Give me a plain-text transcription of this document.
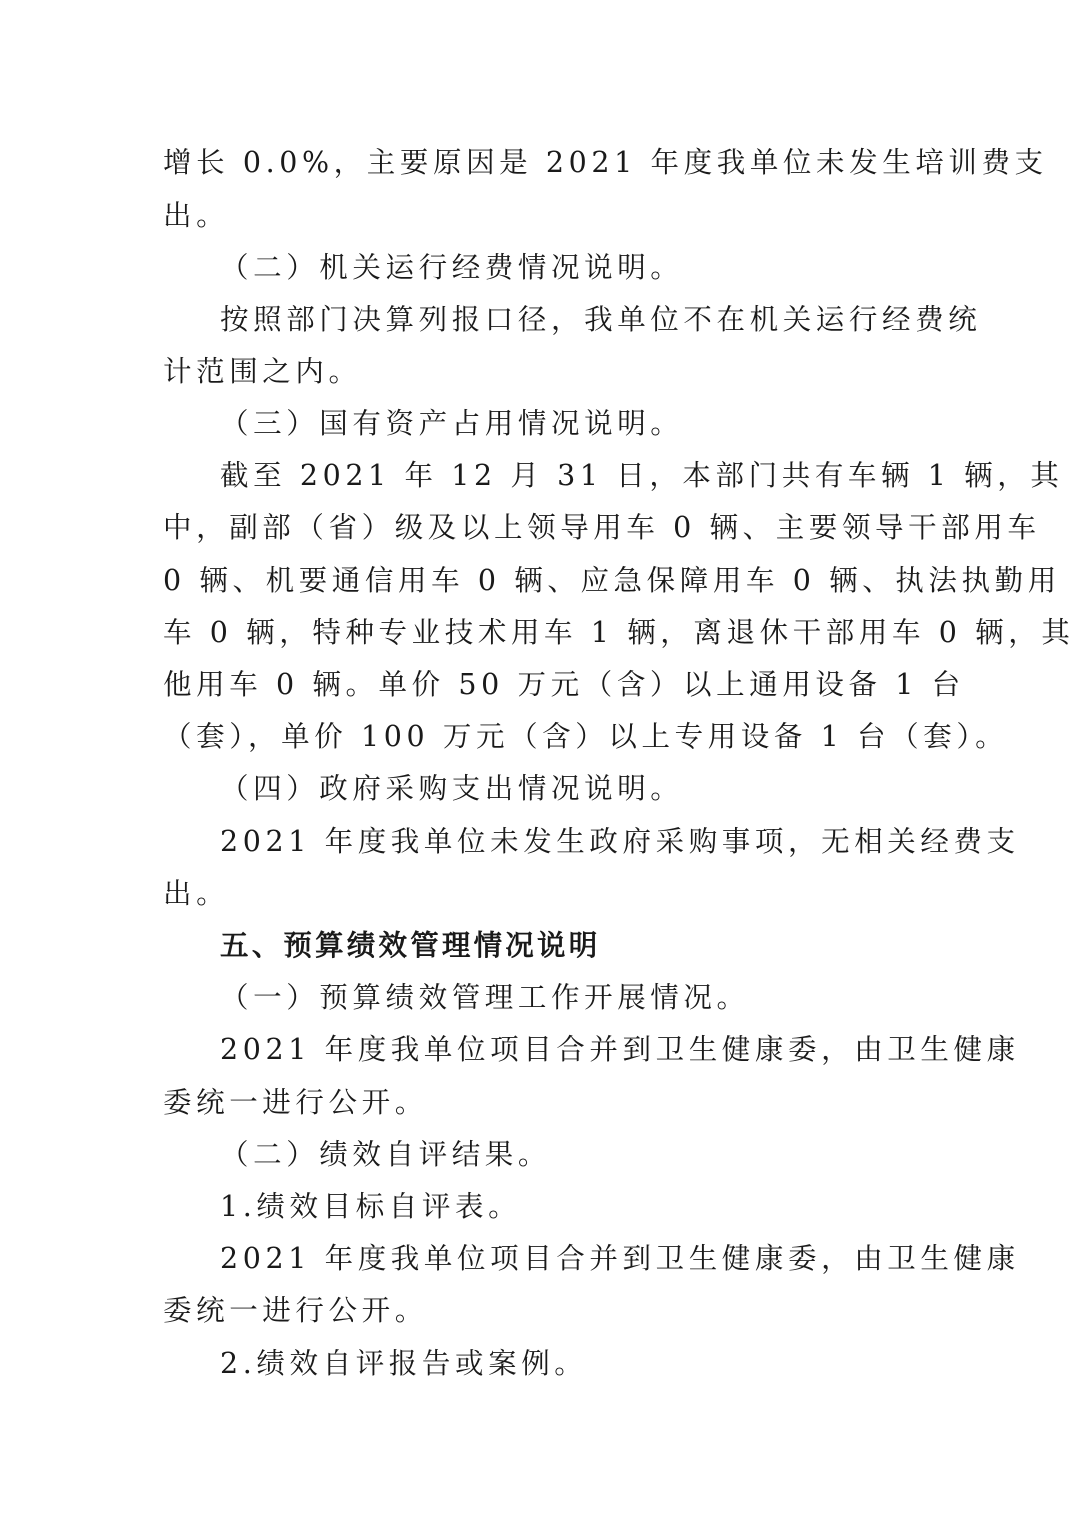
增长 0.0%，主要原因是 2021 年度我单位未发生培训费支
出。
（二）机关运行经费情况说明。
按照部门决算列报口径，我单位不在机关运行经费统
计范围之内。
（三）国有资产占用情况说明。
截至 2021 年 12 月 31 日，本部门共有车辆 1 辆，其
中，副部（省）级及以上领导用车 0 辆、主要领导干部用车
0 辆、机要通信用车 0 辆、应急保障用车 0 辆、执法执勤用
车 0 辆，特种专业技术用车 1 辆，离退休干部用车 0 辆，其
他用车 0 辆。单价 50 万元（含）以上通用设备 1 台
（套），单价 100 万元（含）以上专用设备 1 台（套）。
（四）政府采购支出情况说明。
2021 年度我单位未发生政府采购事项，无相关经费支
出。
五、预算绩效管理情况说明
（一）预算绩效管理工作开展情况。
2021 年度我单位项目合并到卫生健康委，由卫生健康
委统一进行公开。
（二）绩效自评结果。
1.绩效目标自评表。
2021 年度我单位项目合并到卫生健康委，由卫生健康
委统一进行公开。
2.绩效自评报告或案例。
